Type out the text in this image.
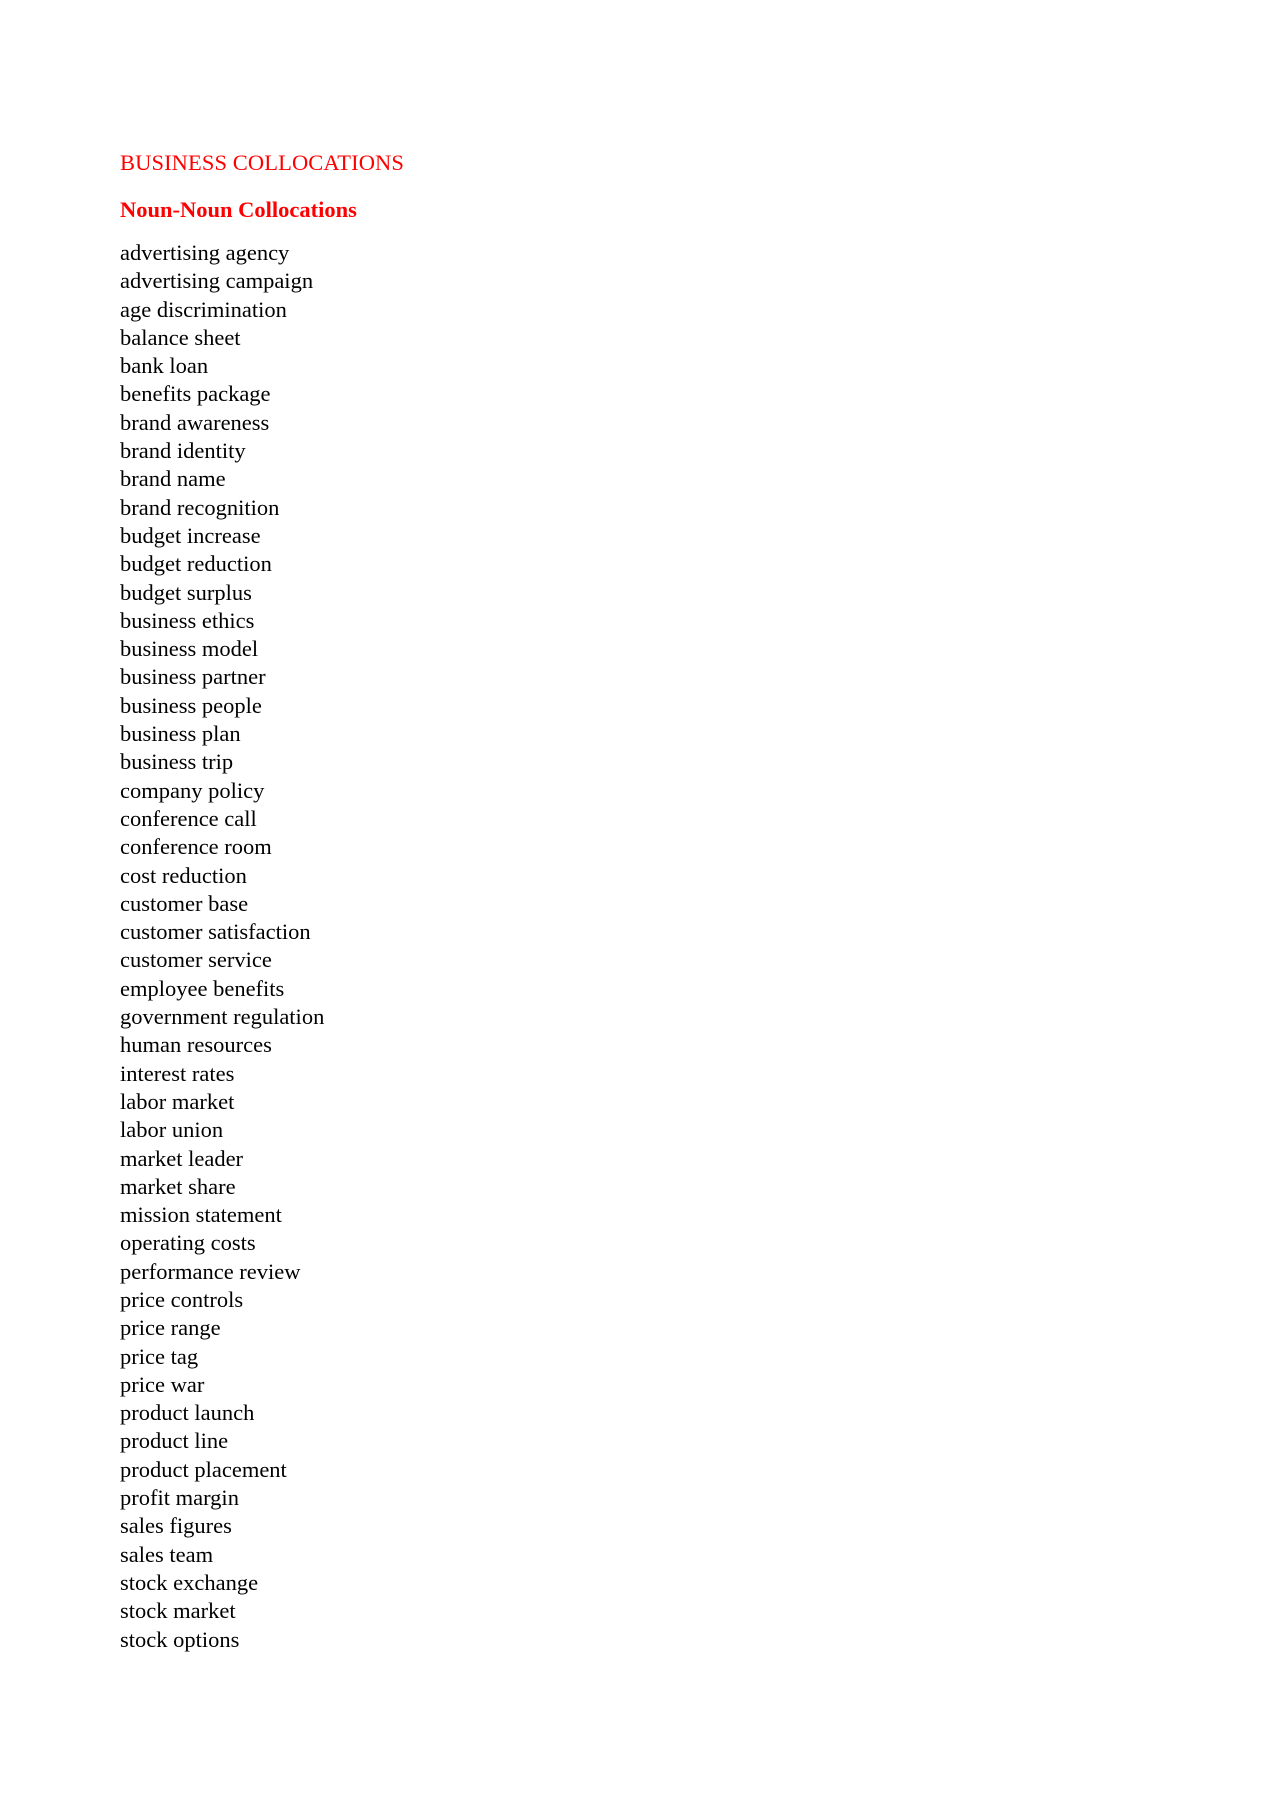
BUSINESS COLLOCATIONS
Noun-Noun Collocations
advertising agency
advertising campaign
age discrimination
balance sheet
bank loan
benefits package
brand awareness
brand identity
brand name
brand recognition
budget increase
budget reduction
budget surplus
business ethics
business model
business partner
business people
business plan
business trip
company policy
conference call
conference room
cost reduction
customer base
customer satisfaction
customer service
employee benefits
government regulation
human resources
interest rates
labor market
labor union
market leader
market share
mission statement
operating costs
performance review
price controls
price range
price tag
price war
product launch
product line
product placement
profit margin
sales figures
sales team
stock exchange
stock market
stock options
